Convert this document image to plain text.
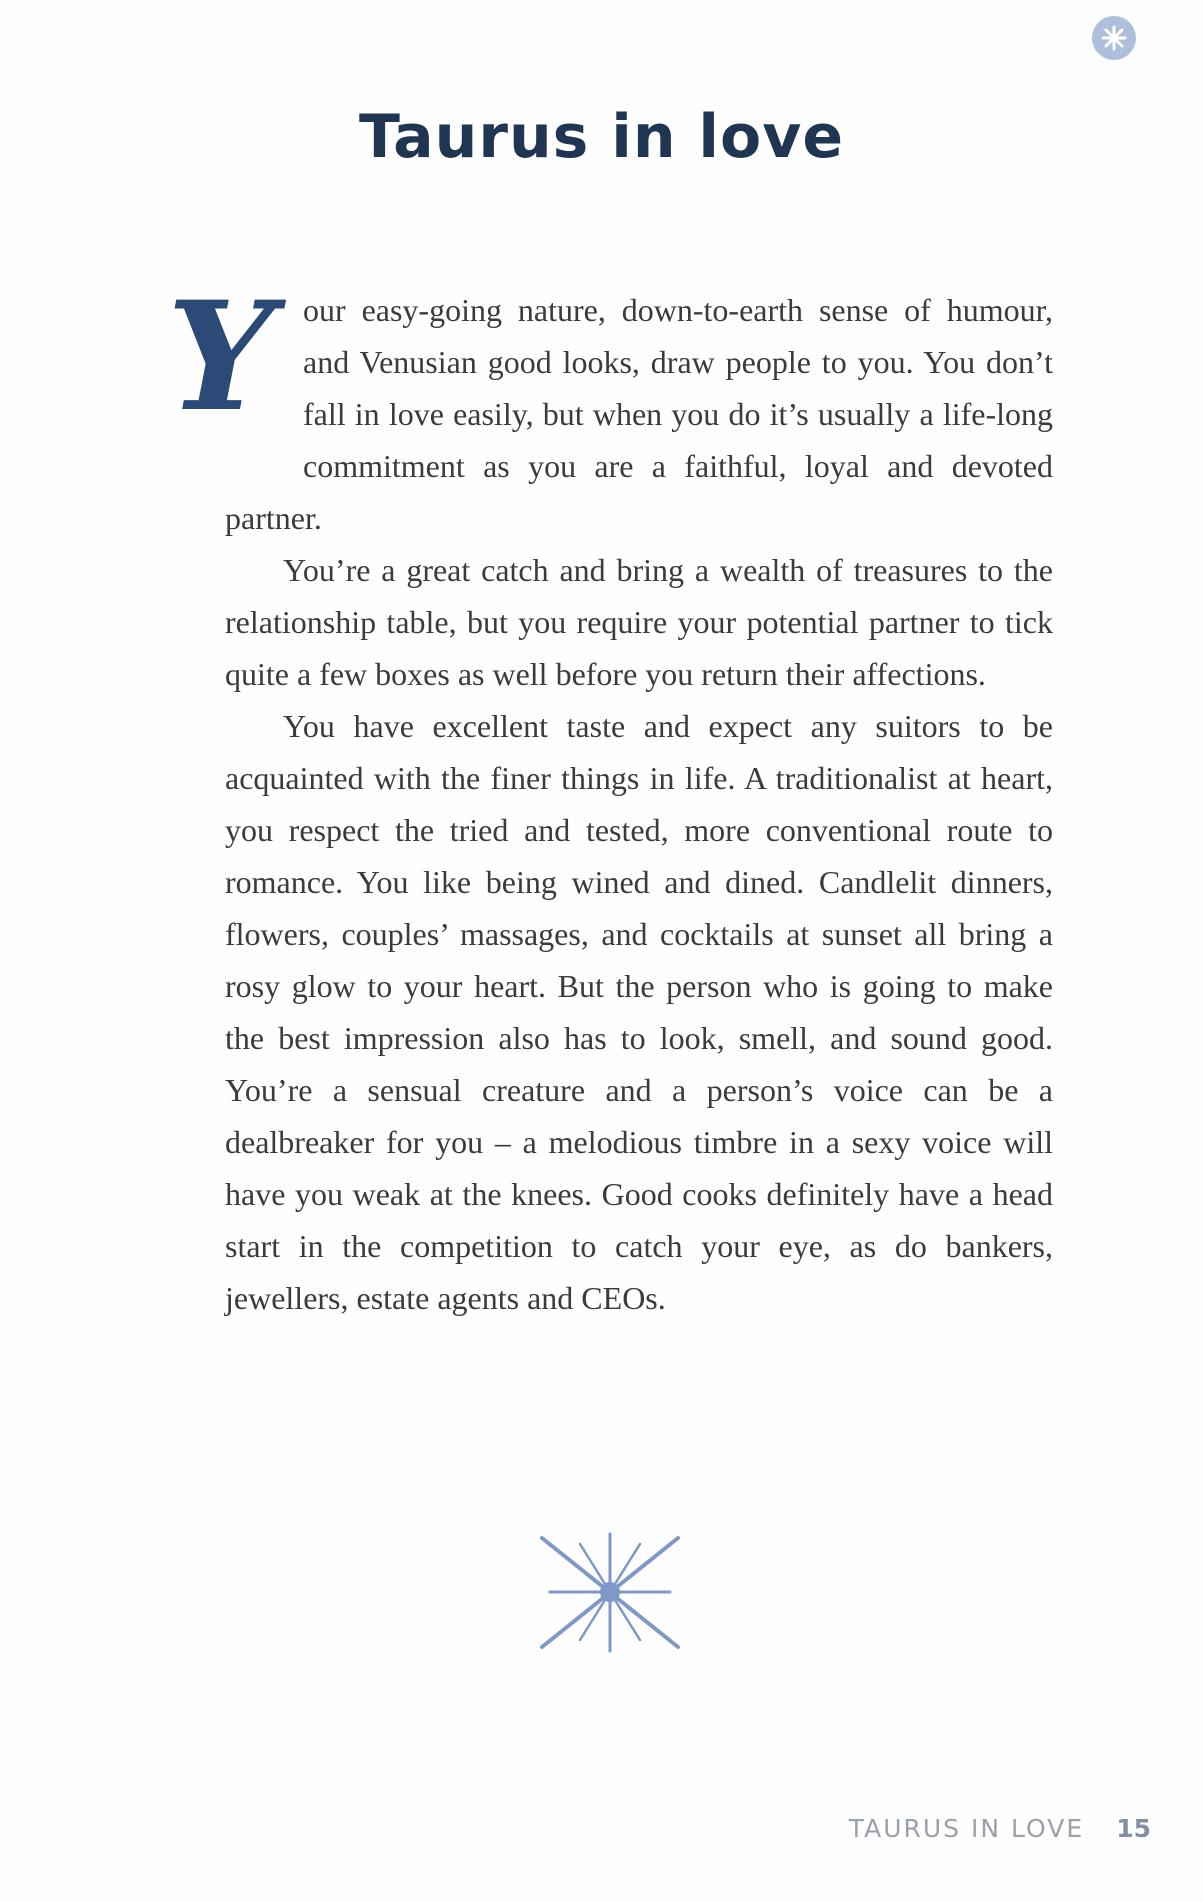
Taurus in love

Your easy-going nature, down-to-earth sense of humour, and Venusian good looks, draw people to you. You don’t fall in love easily, but when you do it’s usually a life-long commitment as you are a faithful, loyal and devoted partner.

You’re a great catch and bring a wealth of treasures to the relationship table, but you require your potential partner to tick quite a few boxes as well before you return their affections.

You have excellent taste and expect any suitors to be acquainted with the finer things in life. A traditionalist at heart, you respect the tried and tested, more conventional route to romance. You like being wined and dined. Candlelit dinners, flowers, couples’ massages, and cocktails at sunset all bring a rosy glow to your heart. But the person who is going to make the best impression also has to look, smell, and sound good. You’re a sensual creature and a person’s voice can be a dealbreaker for you – a melodious timbre in a sexy voice will have you weak at the knees. Good cooks definitely have a head start in the competition to catch your eye, as do bankers, jewellers, estate agents and CEOs.

TAURUS IN LOVE 15
